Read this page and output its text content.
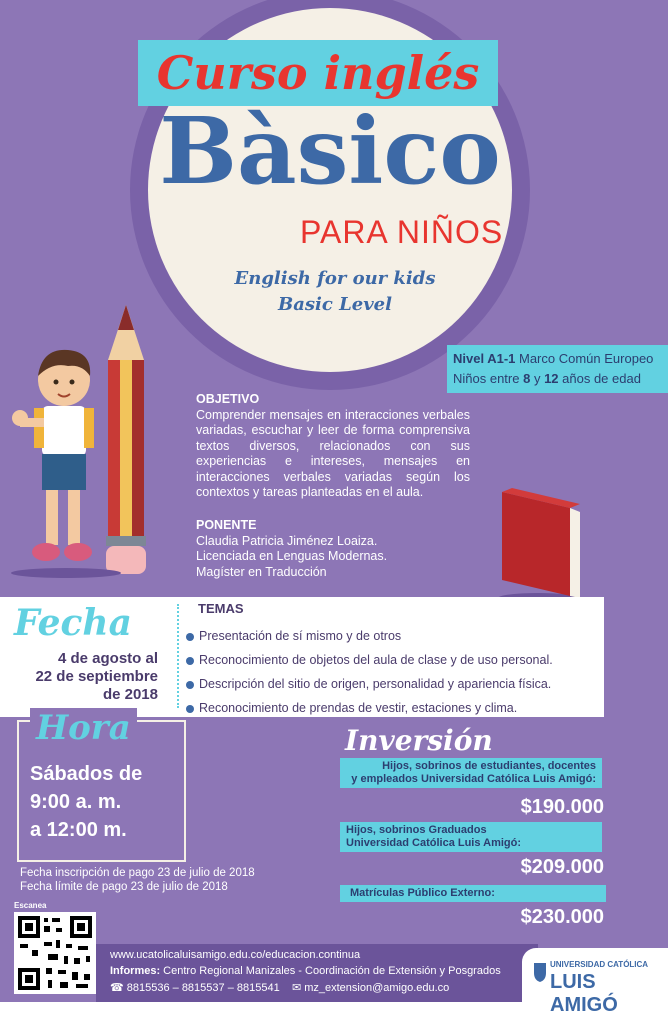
Curso inglés
Bàsico
PARA NIÑOS
English for our kids
Basic Level
Nivel A1-1 Marco Común Europeo
Niños entre 8 y 12 años de edad
OBJETIVO
Comprender mensajes en interacciones verbales variadas, escuchar y leer de forma comprensiva textos diversos, relacionados con sus experiencias e intereses, mensajes en interacciones verbales variadas según los contextos y tareas planteadas en el aula.
PONENTE
Claudia Patricia Jiménez Loaiza.
Licenciada en Lenguas Modernas.
Magíster en Traducción
Fecha
4 de agosto al
22 de septiembre
de 2018
TEMAS
Presentación de sí mismo y de otros
Reconocimiento de objetos del aula de clase y de uso personal.
Descripción del sitio de origen, personalidad y apariencia física.
Reconocimiento de prendas de vestir, estaciones y clima.
Hora
Sábados de
9:00 a. m.
a 12:00 m.
Inversión
Hijos, sobrinos de estudiantes, docentes
y empleados Universidad Católica Luis Amigó:
$190.000
Hijos, sobrinos Graduados
Universidad Católica Luis Amigó:
$209.000
Matrículas Público Externo:
$230.000
Fecha inscripción de pago 23 de julio de 2018
Fecha límite de pago 23 de julio de 2018
Escanea
www.ucatolicaluisamigo.edu.co/educacion.continua
Informes: Centro Regional Manizales - Coordinación de Extensión y Posgrados
☎ 8815536 – 8815537 – 8815541 ✉ mz_extension@amigo.edu.co
UNIVERSIDAD CATÓLICA
LUIS AMIGÓ
